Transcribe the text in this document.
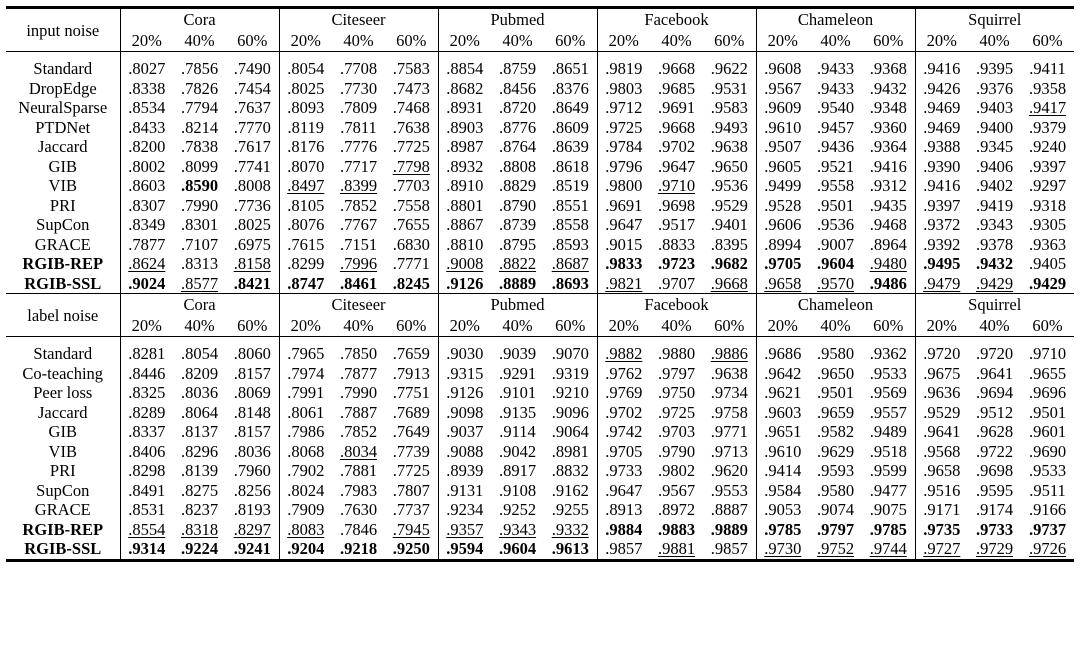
input noise	Cora			Citeseer			Pubmed			Facebook			Chameleon			Squirrel		
	20%	40%	60%	20%	40%	60%	20%	40%	60%	20%	40%	60%	20%	40%	60%	20%	40%	60%

Standard	.8027	.7856	.7490	.8054	.7708	.7583	.8854	.8759	.8651	.9819	.9668	.9622	.9608	.9433	.9368	.9416	.9395	.9411
DropEdge	.8338	.7826	.7454	.8025	.7730	.7473	.8682	.8456	.8376	.9803	.9685	.9531	.9567	.9433	.9432	.9426	.9376	.9358
NeuralSparse	.8534	.7794	.7637	.8093	.7809	.7468	.8931	.8720	.8649	.9712	.9691	.9583	.9609	.9540	.9348	.9469	.9403	.9417
PTDNet	.8433	.8214	.7770	.8119	.7811	.7638	.8903	.8776	.8609	.9725	.9668	.9493	.9610	.9457	.9360	.9469	.9400	.9379
Jaccard	.8200	.7838	.7617	.8176	.7776	.7725	.8987	.8764	.8639	.9784	.9702	.9638	.9507	.9436	.9364	.9388	.9345	.9240
GIB	.8002	.8099	.7741	.8070	.7717	.7798	.8932	.8808	.8618	.9796	.9647	.9650	.9605	.9521	.9416	.9390	.9406	.9397
VIB	.8603	.8590	.8008	.8497	.8399	.7703	.8910	.8829	.8519	.9800	.9710	.9536	.9499	.9558	.9312	.9416	.9402	.9297
PRI	.8307	.7990	.7736	.8105	.7852	.7558	.8801	.8790	.8551	.9691	.9698	.9529	.9528	.9501	.9435	.9397	.9419	.9318
SupCon	.8349	.8301	.8025	.8076	.7767	.7655	.8867	.8739	.8558	.9647	.9517	.9401	.9606	.9536	.9468	.9372	.9343	.9305
GRACE	.7877	.7107	.6975	.7615	.7151	.6830	.8810	.8795	.8593	.9015	.8833	.8395	.8994	.9007	.8964	.9392	.9378	.9363
RGIB-REP	.8624	.8313	.8158	.8299	.7996	.7771	.9008	.8822	.8687	.9833	.9723	.9682	.9705	.9604	.9480	.9495	.9432	.9405
RGIB-SSL	.9024	.8577	.8421	.8747	.8461	.8245	.9126	.8889	.8693	.9821	.9707	.9668	.9658	.9570	.9486	.9479	.9429	.9429
label noise	Cora			Citeseer			Pubmed			Facebook			Chameleon			Squirrel		
	20%	40%	60%	20%	40%	60%	20%	40%	60%	20%	40%	60%	20%	40%	60%	20%	40%	60%

Standard	.8281	.8054	.8060	.7965	.7850	.7659	.9030	.9039	.9070	.9882	.9880	.9886	.9686	.9580	.9362	.9720	.9720	.9710
Co-teaching	.8446	.8209	.8157	.7974	.7877	.7913	.9315	.9291	.9319	.9762	.9797	.9638	.9642	.9650	.9533	.9675	.9641	.9655
Peer loss	.8325	.8036	.8069	.7991	.7990	.7751	.9126	.9101	.9210	.9769	.9750	.9734	.9621	.9501	.9569	.9636	.9694	.9696
Jaccard	.8289	.8064	.8148	.8061	.7887	.7689	.9098	.9135	.9096	.9702	.9725	.9758	.9603	.9659	.9557	.9529	.9512	.9501
GIB	.8337	.8137	.8157	.7986	.7852	.7649	.9037	.9114	.9064	.9742	.9703	.9771	.9651	.9582	.9489	.9641	.9628	.9601
VIB	.8406	.8296	.8036	.8068	.8034	.7739	.9088	.9042	.8981	.9705	.9790	.9713	.9610	.9629	.9518	.9568	.9722	.9690
PRI	.8298	.8139	.7960	.7902	.7881	.7725	.8939	.8917	.8832	.9733	.9802	.9620	.9414	.9593	.9599	.9658	.9698	.9533
SupCon	.8491	.8275	.8256	.8024	.7983	.7807	.9131	.9108	.9162	.9647	.9567	.9553	.9584	.9580	.9477	.9516	.9595	.9511
GRACE	.8531	.8237	.8193	.7909	.7630	.7737	.9234	.9252	.9255	.8913	.8972	.8887	.9053	.9074	.9075	.9171	.9174	.9166
RGIB-REP	.8554	.8318	.8297	.8083	.7846	.7945	.9357	.9343	.9332	.9884	.9883	.9889	.9785	.9797	.9785	.9735	.9733	.9737
RGIB-SSL	.9314	.9224	.9241	.9204	.9218	.9250	.9594	.9604	.9613	.9857	.9881	.9857	.9730	.9752	.9744	.9727	.9729	.9726
